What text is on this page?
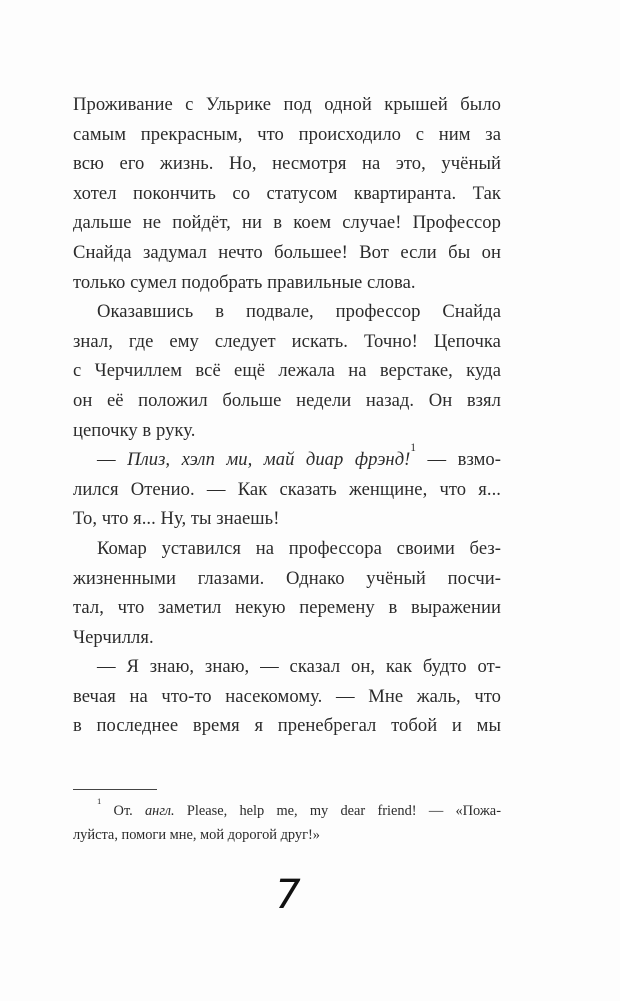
Проживание с Ульрике под одной крышей было
самым прекрасным, что происходило с ним за
всю его жизнь. Но, несмотря на это, учёный
хотел покончить со статусом квартиранта. Так
дальше не пойдёт, ни в коем случае! Профессор
Снайда задумал нечто большее! Вот если бы он
только сумел подобрать правильные слова.
Оказавшись в подвале, профессор Снайда
знал, где ему следует искать. Точно! Цепочка
с Черчиллем всё ещё лежала на верстаке, куда
он её положил больше недели назад. Он взял
цепочку в руку.
— Плиз, хэлп ми, май диар фрэнд!$^1$ — взмо-
лился Отенио. — Как сказать женщине, что я...
То, что я... Ну, ты знаешь!
Комар уставился на профессора своими без-
жизненными глазами. Однако учёный посчи-
тал, что заметил некую перемену в выражении
Черчилля.
— Я знаю, знаю, — сказал он, как будто от-
вечая на что-то насекомому. — Мне жаль, что
в последнее время я пренебрегал тобой и мы
$^1$ От. англ. Please, help me, my dear friend! — «Пожа-
луйста, помоги мне, мой дорогой друг!»
7
